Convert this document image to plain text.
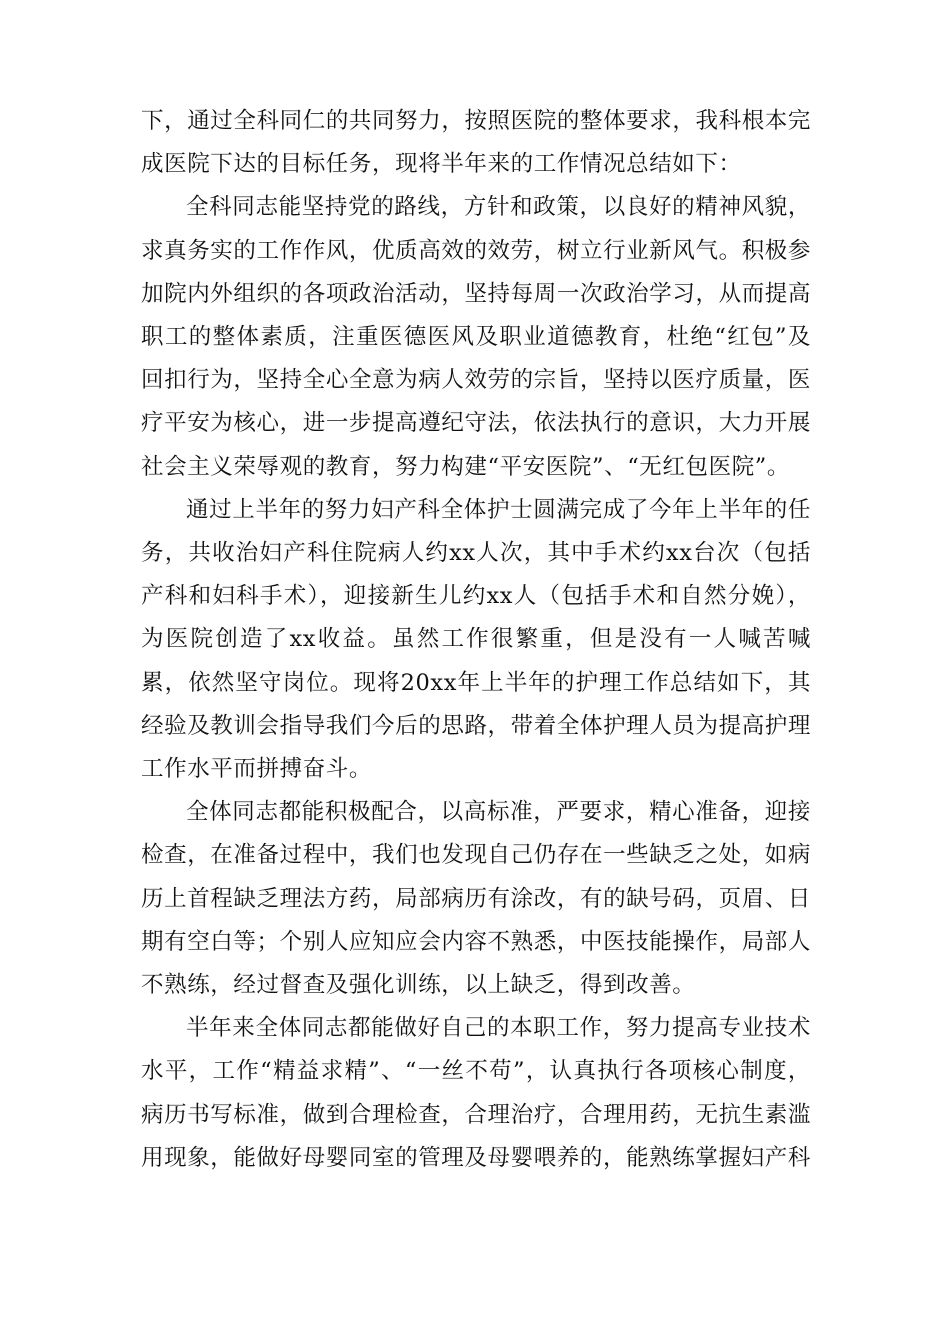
下，通过全科同仁的共同努力，按照医院的整体要求，我科根本完成医院下达的目标任务，现将半年来的工作情况总结如下：

全科同志能坚持党的路线，方针和政策，以良好的精神风貌，求真务实的工作作风，优质高效的效劳，树立行业新风气。积极参加院内外组织的各项政治活动，坚持每周一次政治学习，从而提高职工的整体素质，注重医德医风及职业道德教育，杜绝“红包”及回扣行为，坚持全心全意为病人效劳的宗旨，坚持以医疗质量，医疗平安为核心，进一步提高遵纪守法，依法执行的意识，大力开展社会主义荣辱观的教育，努力构建“平安医院”、“无红包医院”。

通过上半年的努力妇产科全体护士圆满完成了今年上半年的任务，共收治妇产科住院病人约xx人次，其中手术约xx台次（包括产科和妇科手术），迎接新生儿约xx人（包括手术和自然分娩），为医院创造了xx收益。虽然工作很繁重，但是没有一人喊苦喊累，依然坚守岗位。现将20xx年上半年的护理工作总结如下，其经验及教训会指导我们今后的思路，带着全体护理人员为提高护理工作水平而拼搏奋斗。

全体同志都能积极配合，以高标准，严要求，精心准备，迎接检查，在准备过程中，我们也发现自己仍存在一些缺乏之处，如病历上首程缺乏理法方药，局部病历有涂改，有的缺号码，页眉、日期有空白等；个别人应知应会内容不熟悉，中医技能操作，局部人不熟练，经过督查及强化训练，以上缺乏，得到改善。

半年来全体同志都能做好自己的本职工作，努力提高专业技术水平，工作“精益求精”、“一丝不苟”，认真执行各项核心制度，病历书写标准，做到合理检查，合理治疗，合理用药，无抗生素滥用现象，能做好母婴同室的管理及母婴喂养的，能熟练掌握妇产科
